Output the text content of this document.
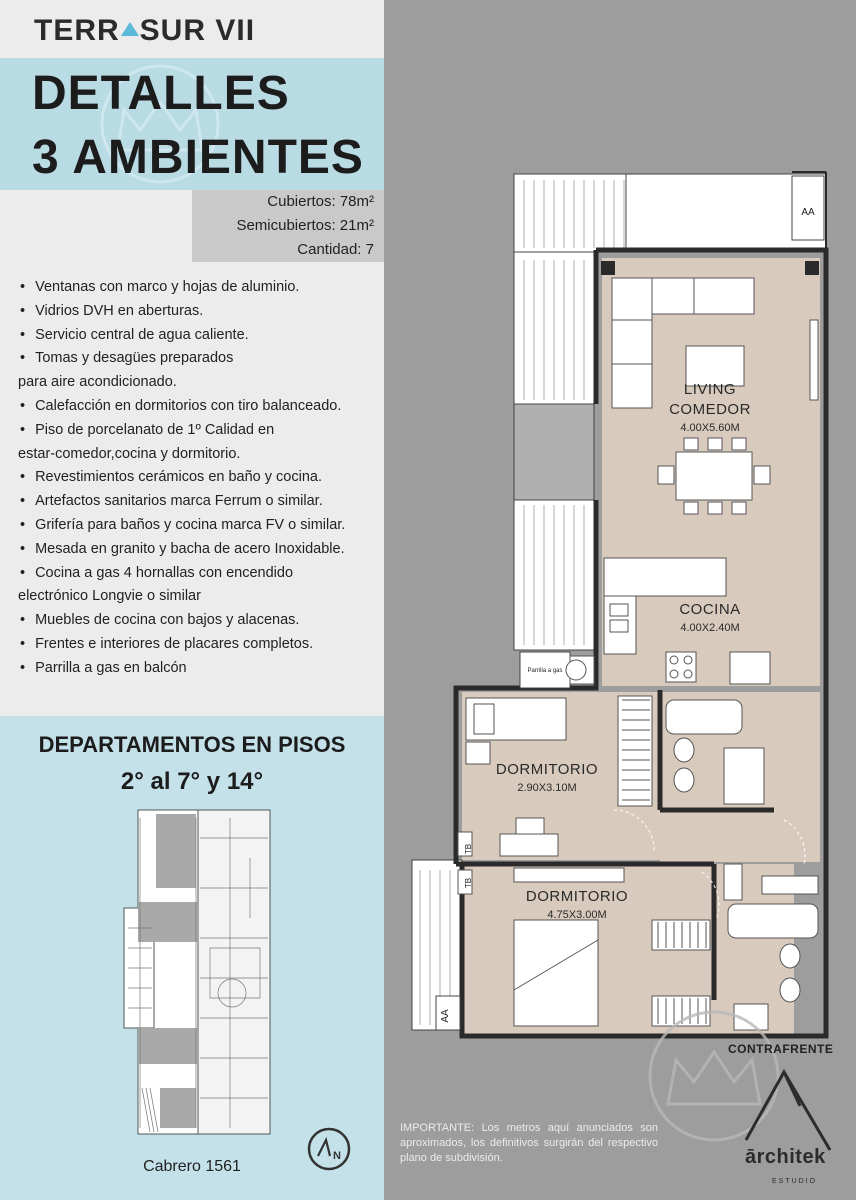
TERR SUR VII
DETALLES
3 AMBIENTES
Cubiertos: 78m²
Semicubiertos: 21m²
Cantidad: 7
• Ventanas con marco y hojas de aluminio.
• Vidrios DVH en aberturas.
• Servicio central de agua caliente.
• Tomas y desagües preparados
para aire acondicionado.
• Calefacción en dormitorios con tiro balanceado.
• Piso de porcelanato de 1º Calidad en
estar-comedor,cocina y dormitorio.
• Revestimientos cerámicos en baño y cocina.
• Artefactos sanitarios marca Ferrum o similar.
• Grifería para baños y cocina marca FV o similar.
• Mesada en granito y bacha de acero Inoxidable.
• Cocina a gas 4 hornallas con encendido
electrónico Longvie o similar
• Muebles de cocina con bajos y alacenas.
• Frentes e interiores de placares completos.
• Parrilla a gas en balcón
DEPARTAMENTOS EN PISOS
2° al 7° y 14°
N
Cabrero 1561
AA
AA
TB
TB
Parrilla a gas
LIVING
COMEDOR
4.00X5.60M
COCINA
4.00X2.40M
DORMITORIO
2.90X3.10M
DORMITORIO
4.75X3.00M
CONTRAFRENTE
IMPORTANTE: Los metros aquí anunciados son aproximados, los definitivos surgirán del respectivo plano de subdivisión.	ārchitek
ESTUDIO
